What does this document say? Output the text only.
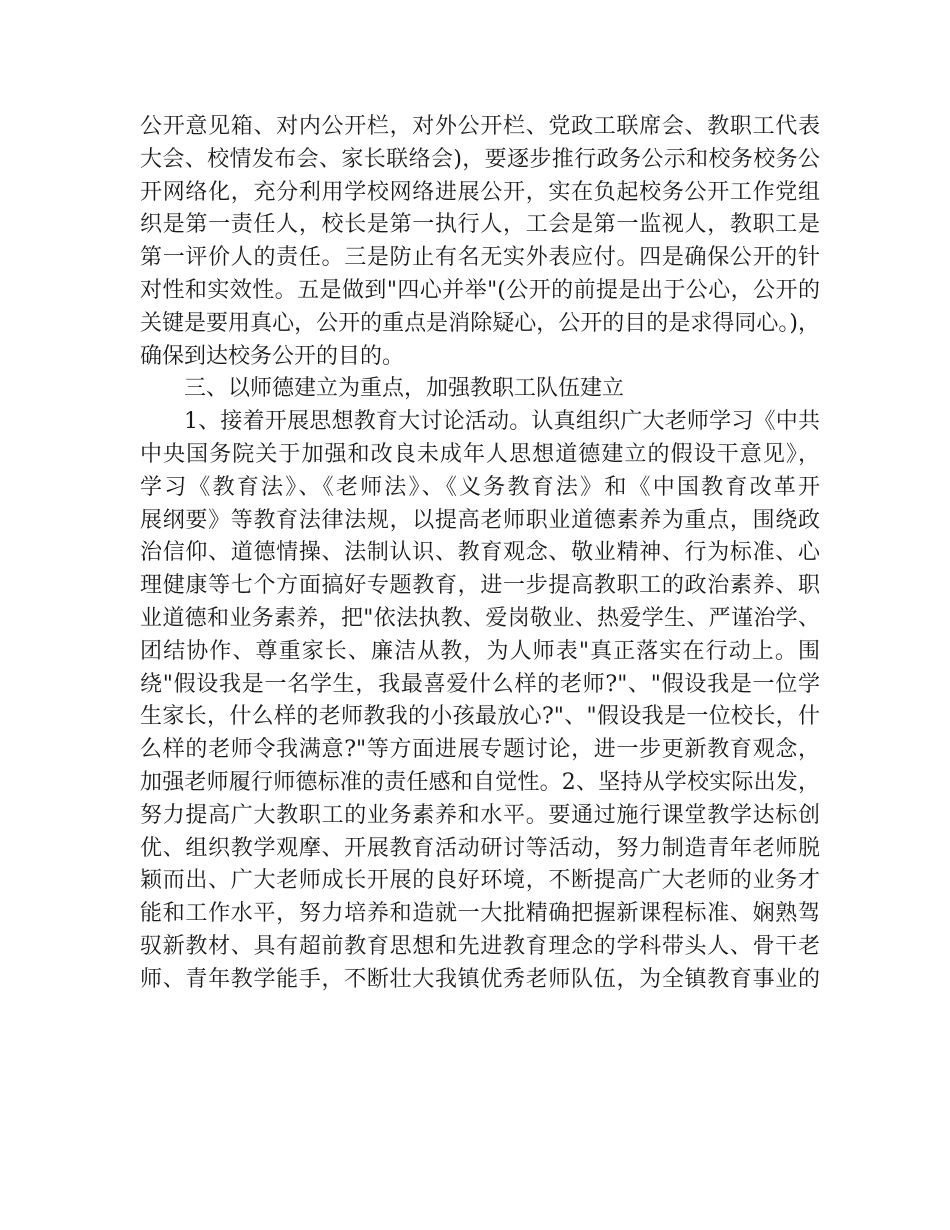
公开意见箱、对内公开栏，对外公开栏、党政工联席会、教职工代表
大会、校情发布会、家长联络会)，要逐步推行政务公示和校务校务公
开网络化，充分利用学校网络进展公开，实在负起校务公开工作党组
织是第一责任人，校长是第一执行人，工会是第一监视人，教职工是
第一评价人的责任。三是防止有名无实外表应付。四是确保公开的针
对性和实效性。五是做到"四心并举"(公开的前提是出于公心，公开的
关键是要用真心，公开的重点是消除疑心，公开的目的是求得同心。)，
确保到达校务公开的目的。
三、以师德建立为重点，加强教职工队伍建立
1、接着开展思想教育大讨论活动。认真组织广大老师学习《中共
中央国务院关于加强和改良未成年人思想道德建立的假设干意见》，
学习《教育法》、《老师法》、《义务教育法》和《中国教育改革开
展纲要》等教育法律法规，以提高老师职业道德素养为重点，围绕政
治信仰、道德情操、法制认识、教育观念、敬业精神、行为标准、心
理健康等七个方面搞好专题教育，进一步提高教职工的政治素养、职
业道德和业务素养，把"依法执教、爱岗敬业、热爱学生、严谨治学、
团结协作、尊重家长、廉洁从教，为人师表"真正落实在行动上。围
绕"假设我是一名学生，我最喜爱什么样的老师?"、"假设我是一位学
生家长，什么样的老师教我的小孩最放心?"、"假设我是一位校长，什
么样的老师令我满意?"等方面进展专题讨论，进一步更新教育观念，
加强老师履行师德标准的责任感和自觉性。2、坚持从学校实际出发，
努力提高广大教职工的业务素养和水平。要通过施行课堂教学达标创
优、组织教学观摩、开展教育活动研讨等活动，努力制造青年老师脱
颖而出、广大老师成长开展的良好环境，不断提高广大老师的业务才
能和工作水平，努力培养和造就一大批精确把握新课程标准、娴熟驾
驭新教材、具有超前教育思想和先进教育理念的学科带头人、骨干老
师、青年教学能手，不断壮大我镇优秀老师队伍，为全镇教育事业的
